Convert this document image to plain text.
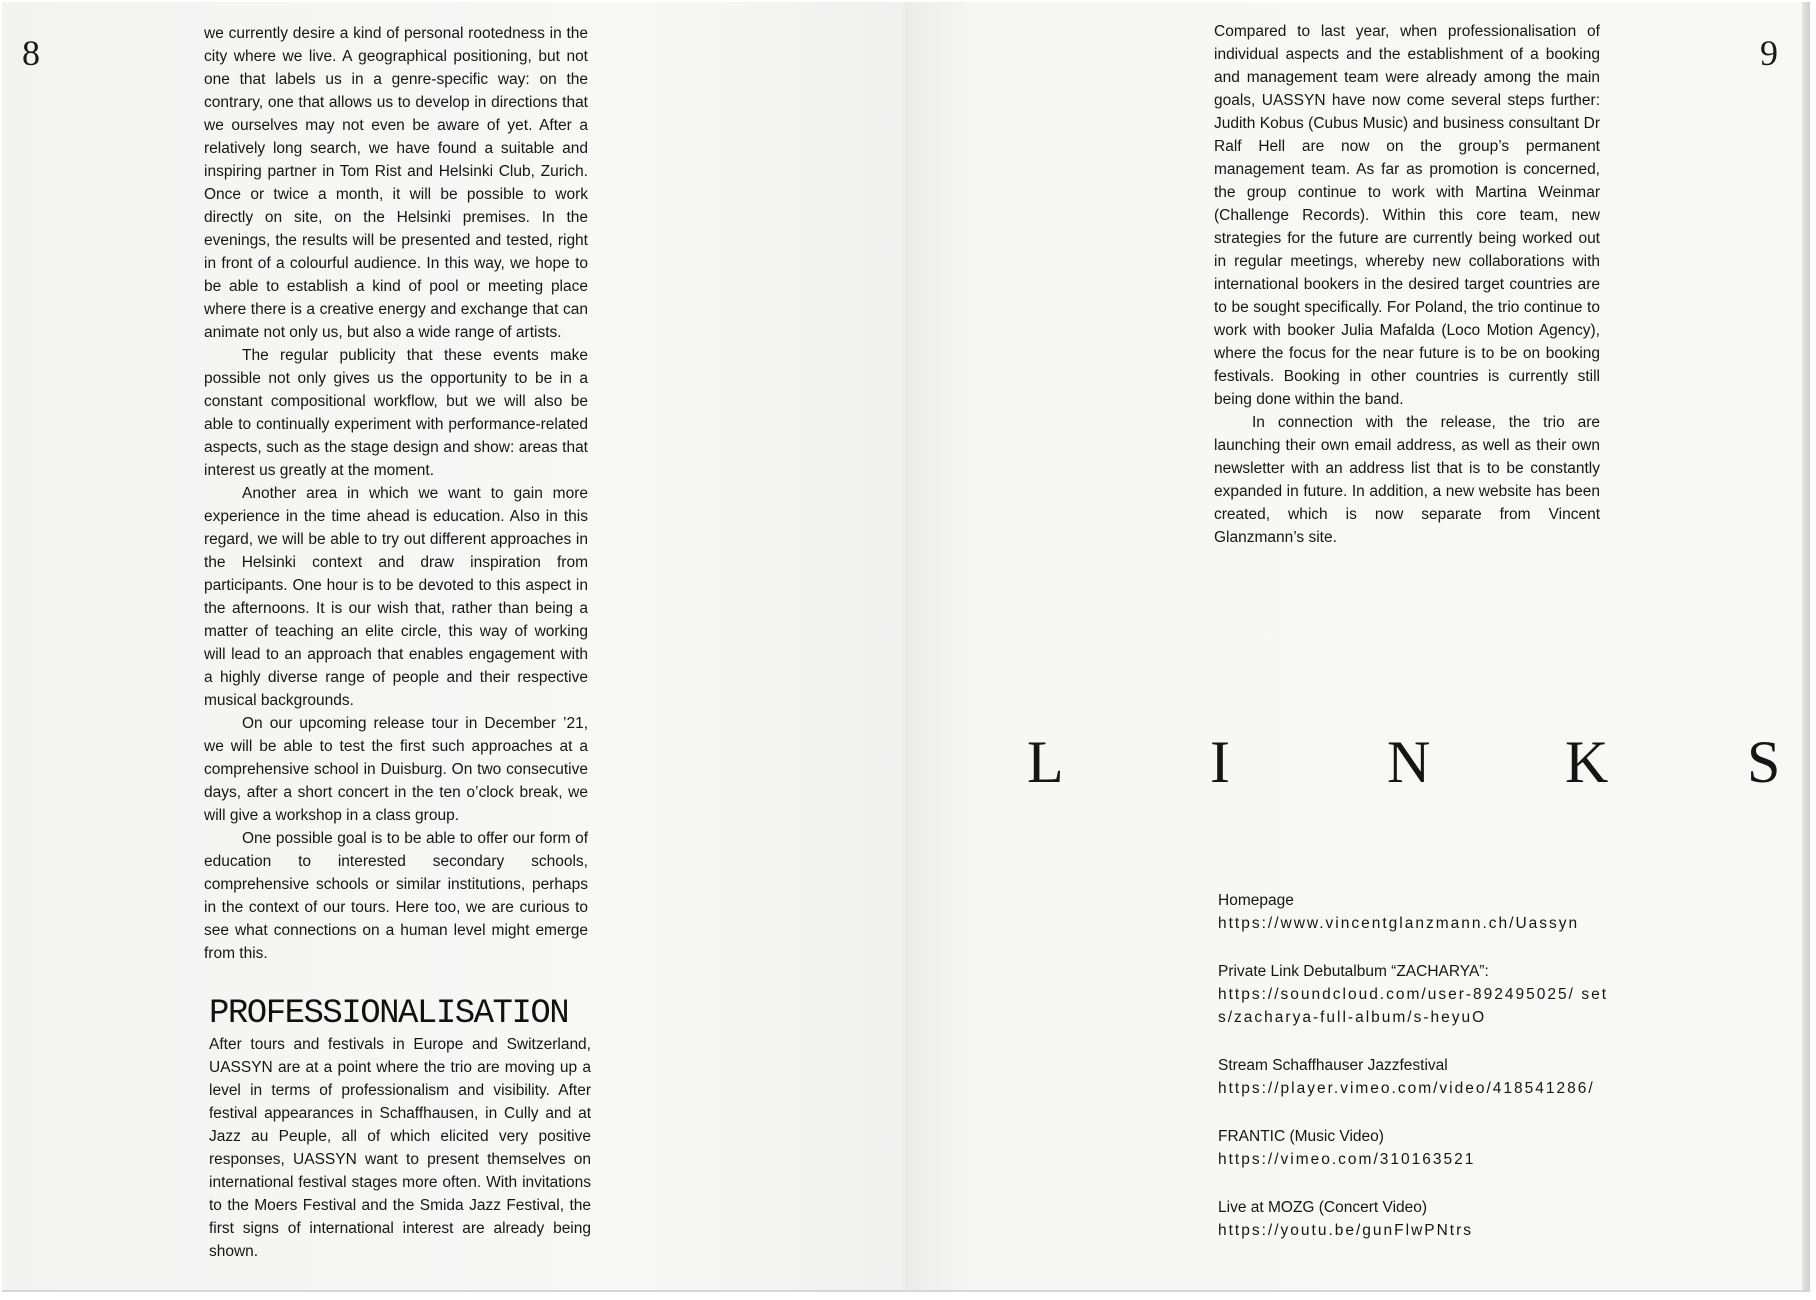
8	we currently desire a kind of personal rootedness in the city where we live. A geographical positioning, but not one that labels us in a genre-specific way: on the contrary, one that allows us to develop in directions that we ourselves may not even be aware of yet. After a relatively long search, we have found a suitable and inspiring partner in Tom Rist and Helsinki Club, Zurich. Once or twice a month, it will be possible to work directly on site, on the Helsinki premises. In the evenings, the results will be presented and tested, right in front of a colourful audience. In this way, we hope to be able to establish a kind of pool or meeting place where there is a creative energy and exchange that can animate not only us, but also a wide range of artists.

The regular publicity that these events make possible not only gives us the opportunity to be in a constant compositional workflow, but we will also be able to continually experiment with performance-related aspects, such as the stage design and show: areas that interest us greatly at the moment.

Another area in which we want to gain more experience in the time ahead is education. Also in this regard, we will be able to try out different approaches in the Helsinki context and draw inspiration from participants. One hour is to be devoted to this aspect in the afternoons. It is our wish that, rather than being a matter of teaching an elite circle, this way of working will lead to an approach that enables engagement with a highly diverse range of people and their respective musical backgrounds.

On our upcoming release tour in December ’21, we will be able to test the first such approaches at a comprehensive school in Duisburg. On two consecutive days, after a short concert in the ten o’clock break, we will give a workshop in a class group.

One possible goal is to be able to offer our form of education to interested secondary schools, comprehensive schools or similar institutions, perhaps in the context of our tours. Here too, we are curious to see what connections on a human level might emerge from this.

PROFESSIONALISATION

After tours and festivals in Europe and Switzerland, UASSYN are at a point where the trio are moving up a level in terms of professionalism and visibility. After festival appearances in Schaffhausen, in Cully and at Jazz au Peuple, all of which elicited very positive responses, UASSYN want to present themselves on international festival stages more often. With invitations to the Moers Festival and the Smida Jazz Festival, the first signs of international interest are already being shown.

9

Compared to last year, when professionalisation of individual aspects and the establishment of a booking and management team were already among the main goals, UASSYN have now come several steps further: Judith Kobus (Cubus Music) and business consultant Dr Ralf Hell are now on the group’s permanent management team. As far as promotion is concerned, the group continue to work with Martina Weinmar (Challenge Records). Within this core team, new strategies for the future are currently being worked out in regular meetings, whereby new collaborations with international bookers in the desired target countries are to be sought specifically. For Poland, the trio continue to work with booker Julia Mafalda (Loco Motion Agency), where the focus for the near future is to be on booking festivals. Booking in other countries is currently still being done within the band.

In connection with the release, the trio are launching their own email address, as well as their own newsletter with an address list that is to be constantly expanded in future. In addition, a new website has been created, which is now separate from Vincent Glanzmann’s site.

L I	N K S
Homepage
https://www.vincentglanzmann.ch/Uassyn
Private Link Debutalbum “ZACHARYA”:
https://soundcloud.com/user-892495025/ sets/zacharya-full-album/s-heyuO
Stream Schaffhauser Jazzfestival
https://player.vimeo.com/video/418541286/
FRANTIC (Music Video)
https://vimeo.com/310163521
Live at MOZG (Concert Video)
https://youtu.be/gunFlwPNtrs
